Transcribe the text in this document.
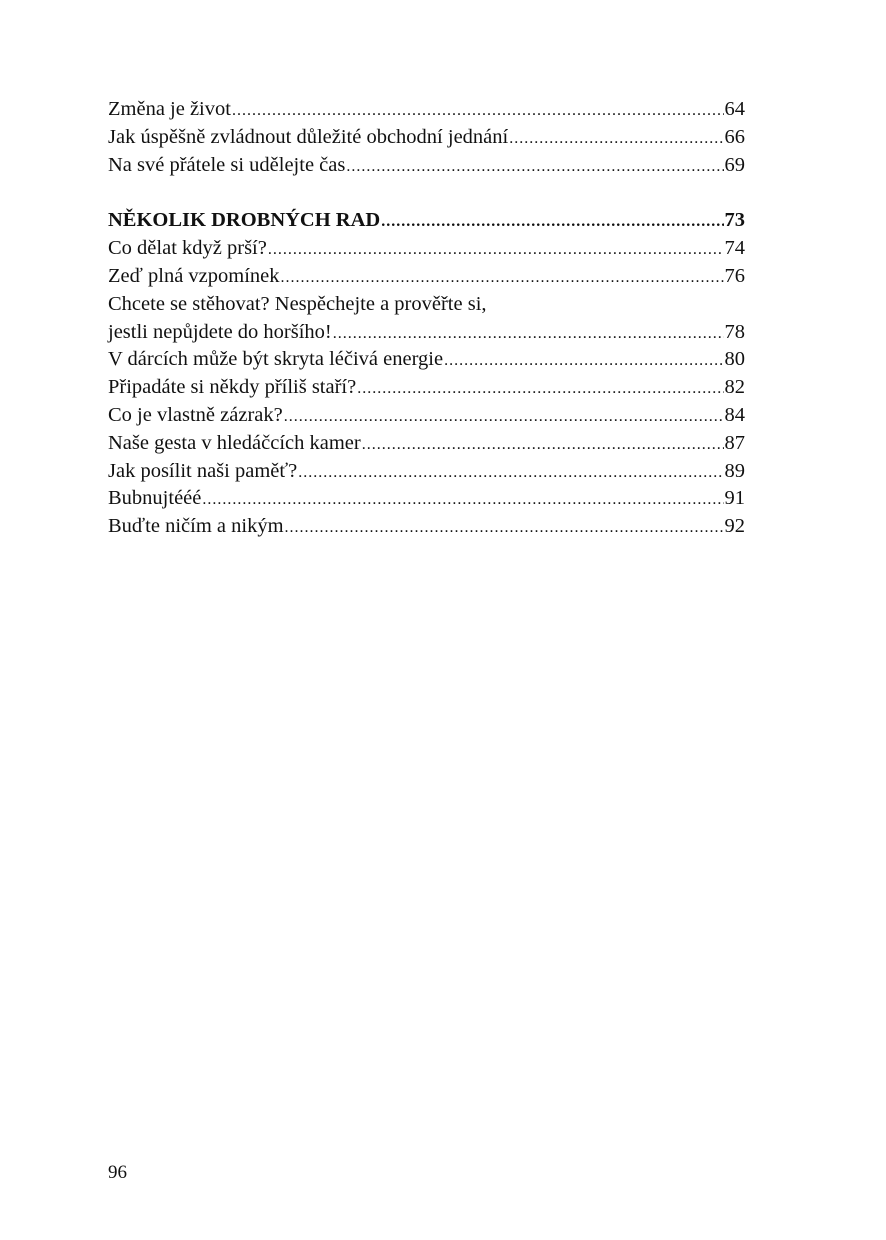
Změna je život .....	64
Jak úspěšně zvládnout důležité obchodní jednání .....	66
Na své přátele si udělejte čas .....	69
NĚKOLIK DROBNÝCH RAD .....	73
Co dělat když prší? .....	74
Zeď plná vzpomínek .....	76
Chcete se stěhovat? Nespěchejte a prověřte si,
jestli nepůjdete do horšího! .....	78
V dárcích může být skryta léčivá energie .....	80
Připadáte si někdy příliš staří? .....	82
Co je vlastně zázrak? .....	84
Naše gesta v hledáčcích kamer .....	87
Jak posílit naši paměť? .....	89
Bubnujtééé .....	91
Buďte ničím a nikým .....	92
96
